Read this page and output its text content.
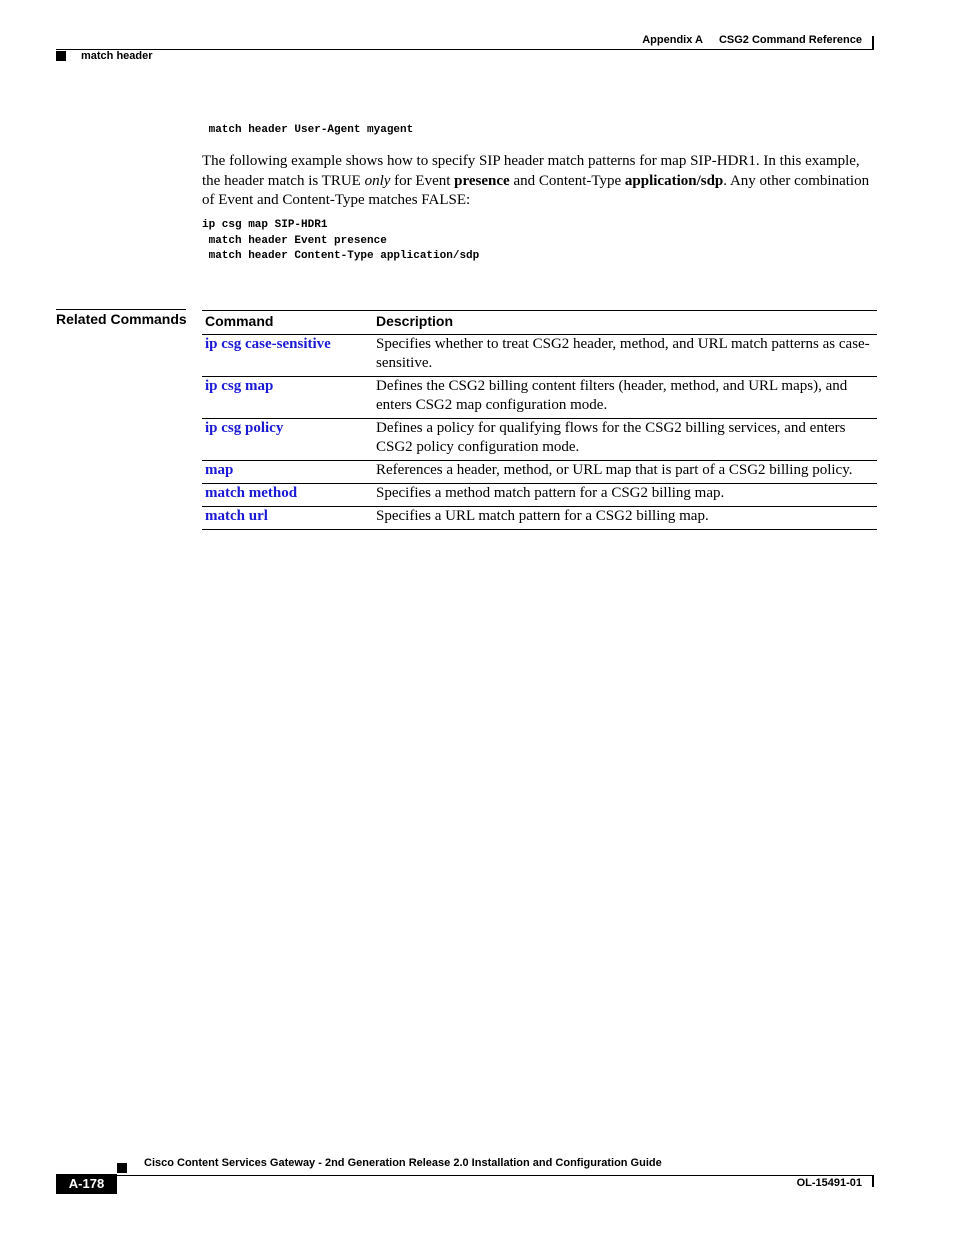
Appendix A CSG2 Command Reference
match header
match header User-Agent myagent

The following example shows how to specify SIP header match patterns for map SIP-HDR1. In this example, the header match is TRUE only for Event presence and Content-Type application/sdp. Any other combination of Event and Content-Type matches FALSE:

ip csg map SIP-HDR1
match header Event presence
match header Content-Type application/sdp
Related Commands Command	Description
ip csg case-sensitive	Specifies whether to treat CSG2 header, method, and URL match patterns as case-sensitive.
ip csg map	Defines the CSG2 billing content filters (header, method, and URL maps), and enters CSG2 map configuration mode.
ip csg policy	Defines a policy for qualifying flows for the CSG2 billing services, and enters CSG2 policy configuration mode.
map	References a header, method, or URL map that is part of a CSG2 billing policy.
match method	Specifies a method match pattern for a CSG2 billing map.
match url	Specifies a URL match pattern for a CSG2 billing map.
Cisco Content Services Gateway - 2nd Generation Release 2.0 Installation and Configuration Guide
A-178	OL-15491-01
